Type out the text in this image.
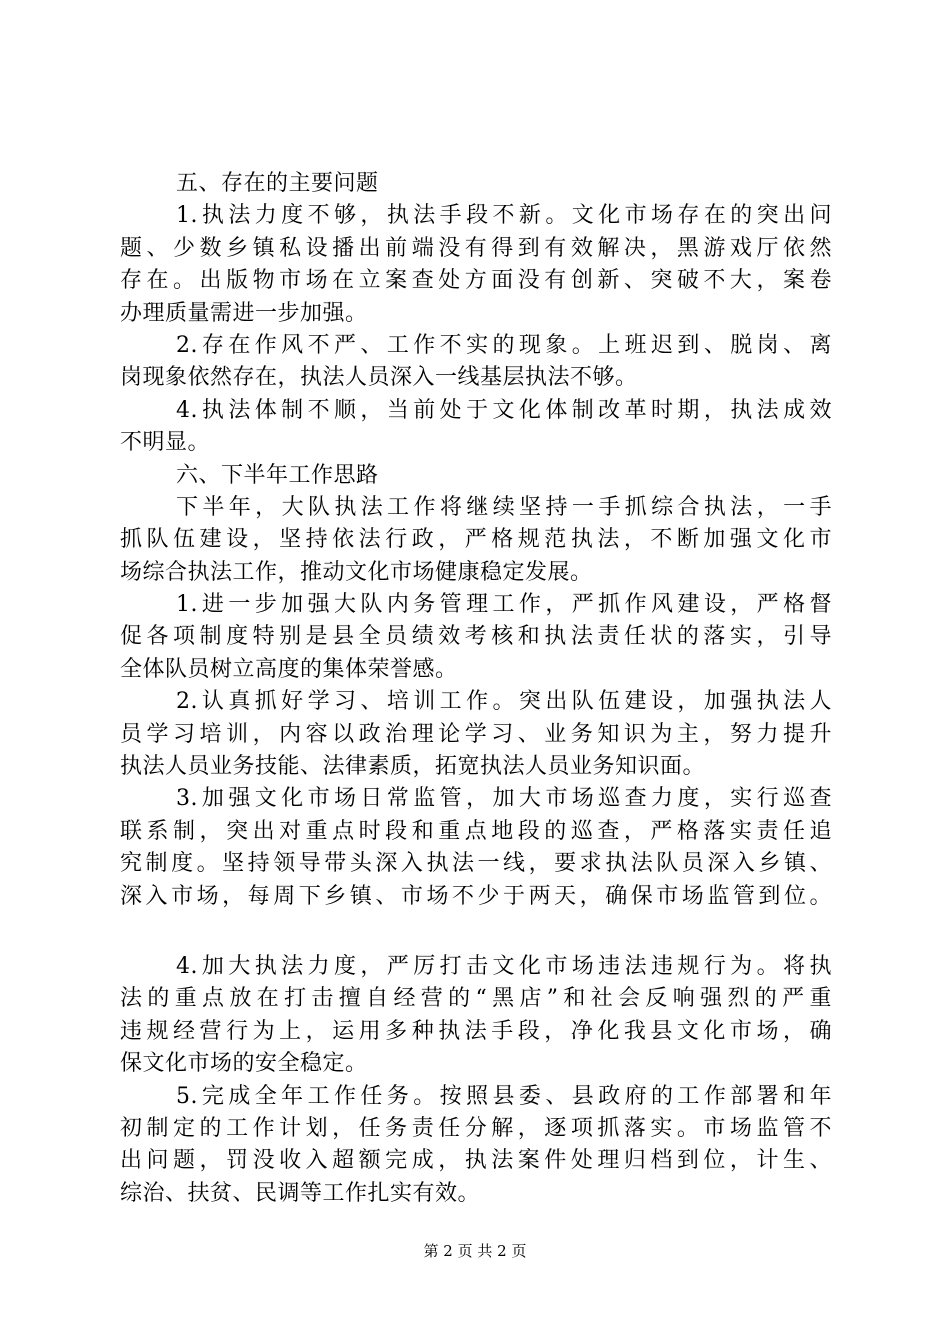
五、存在的主要问题
1.执法力度不够，执法手段不新。文化市场存在的突出问
题、少数乡镇私设播出前端没有得到有效解决，黑游戏厅依然
存在。出版物市场在立案查处方面没有创新、突破不大，案卷
办理质量需进一步加强。
2.存在作风不严、工作不实的现象。上班迟到、脱岗、离
岗现象依然存在，执法人员深入一线基层执法不够。
4.执法体制不顺，当前处于文化体制改革时期，执法成效
不明显。
六、下半年工作思路
下半年，大队执法工作将继续坚持一手抓综合执法，一手
抓队伍建设，坚持依法行政，严格规范执法，不断加强文化市
场综合执法工作，推动文化市场健康稳定发展。
1.进一步加强大队内务管理工作，严抓作风建设，严格督
促各项制度特别是县全员绩效考核和执法责任状的落实，引导
全体队员树立高度的集体荣誉感。
2.认真抓好学习、培训工作。突出队伍建设，加强执法人
员学习培训，内容以政治理论学习、业务知识为主，努力提升
执法人员业务技能、法律素质，拓宽执法人员业务知识面。
3.加强文化市场日常监管，加大市场巡查力度，实行巡查
联系制，突出对重点时段和重点地段的巡查，严格落实责任追
究制度。坚持领导带头深入执法一线，要求执法队员深入乡镇、
深入市场，每周下乡镇、市场不少于两天，确保市场监管到位。
4.加大执法力度，严厉打击文化市场违法违规行为。将执
法的重点放在打击擅自经营的“黑店”和社会反响强烈的严重
违规经营行为上，运用多种执法手段，净化我县文化市场，确
保文化市场的安全稳定。
5.完成全年工作任务。按照县委、县政府的工作部署和年
初制定的工作计划，任务责任分解，逐项抓落实。市场监管不
出问题，罚没收入超额完成，执法案件处理归档到位，计生、
综治、扶贫、民调等工作扎实有效。
第 2 页 共 2 页
